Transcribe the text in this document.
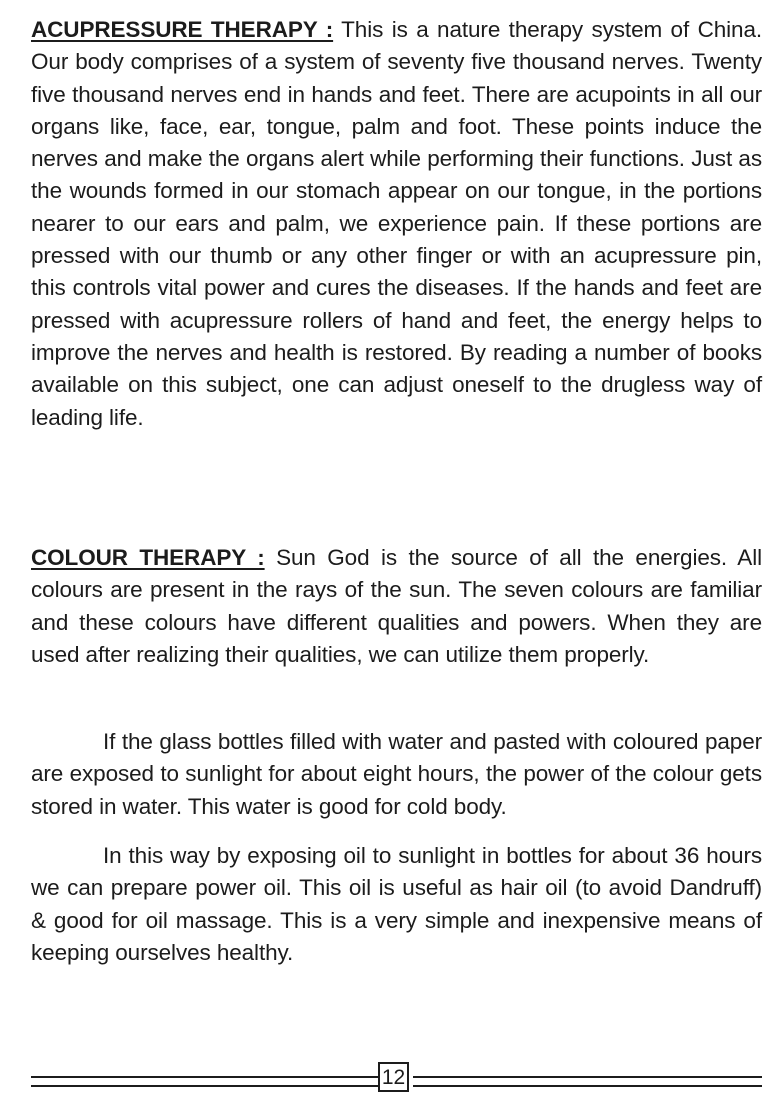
ACUPRESSURE THERAPY : This is a nature therapy system of China. Our body comprises of a system of seventy five thousand nerves. Twenty five thousand nerves end in hands and feet. There are acupoints in all our organs like, face, ear, tongue, palm and foot. These points induce the nerves and make the organs alert while performing their functions. Just as the wounds formed in our stomach appear on our tongue, in the portions nearer to our ears and palm, we experience pain. If these portions are pressed with our thumb or any other finger or with an acupressure pin, this controls vital power and cures the diseases. If the hands and feet are pressed with acupressure rollers of hand and feet, the energy helps to improve the nerves and health is restored. By reading a number of books available on this subject, one can adjust oneself to the drugless way of leading life.

COLOUR THERAPY : Sun God is the source of all the energies. All colours are present in the rays of the sun. The seven colours are familiar and these colours have different qualities and powers. When they are used after realizing their qualities, we can utilize them properly.

If the glass bottles filled with water and pasted with coloured paper are exposed to sunlight for about eight hours, the power of the colour gets stored in water. This water is good for cold body.

In this way by exposing oil to sunlight in bottles for about 36 hours we can prepare power oil. This oil is useful as hair oil (to avoid Dandruff) & good for oil massage. This is a very simple and inexpensive means of keeping ourselves healthy.

12
